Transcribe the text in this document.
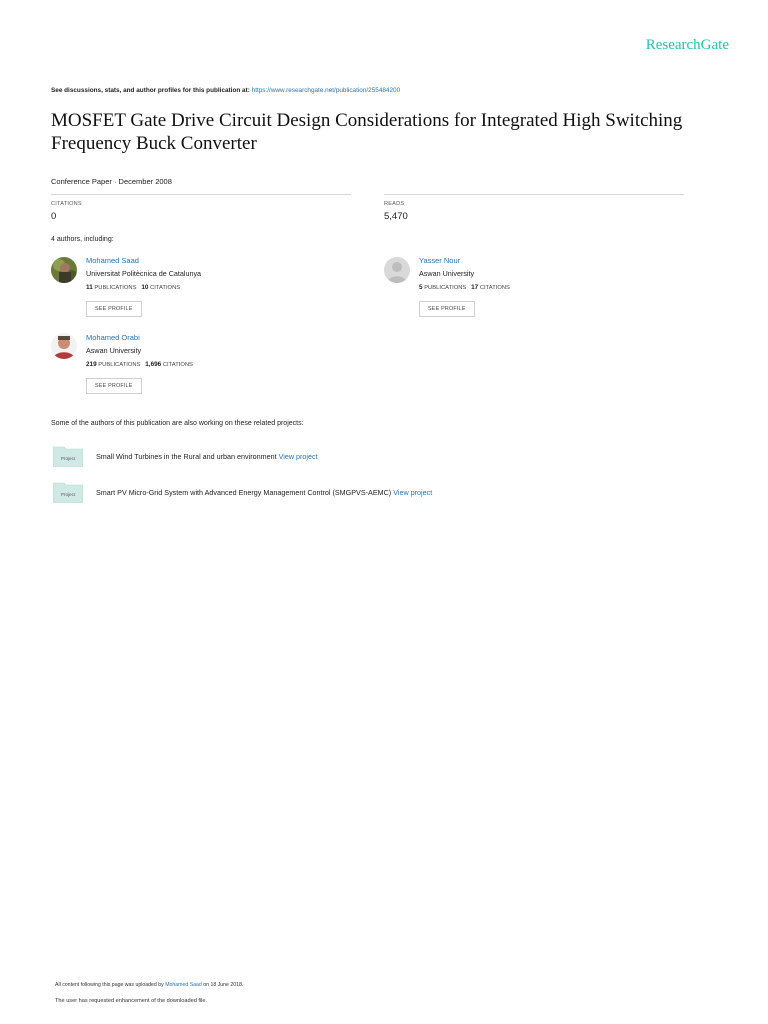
ResearchGate
See discussions, stats, and author profiles for this publication at: https://www.researchgate.net/publication/255484200
MOSFET Gate Drive Circuit Design Considerations for Integrated High Switching Frequency Buck Converter
Conference Paper · December 2008
CITATIONS
0
READS
5,470
4 authors, including:
Mohamed Saad
Universitat Politècnica de Catalunya
11 PUBLICATIONS 10 CITATIONS
SEE PROFILE
Yasser Nour
Aswan University
5 PUBLICATIONS 17 CITATIONS
SEE PROFILE
Mohamed Orabi
Aswan University
219 PUBLICATIONS 1,696 CITATIONS
SEE PROFILE
Some of the authors of this publication are also working on these related projects:
Project	Small Wind Turbines in the Rural and urban environment View project
Project	Smart PV Micro-Grid System with Advanced Energy Management Control (SMGPVS-AEMC) View project
All content following this page was uploaded by Mohamed Saad on 18 June 2018.
The user has requested enhancement of the downloaded file.
